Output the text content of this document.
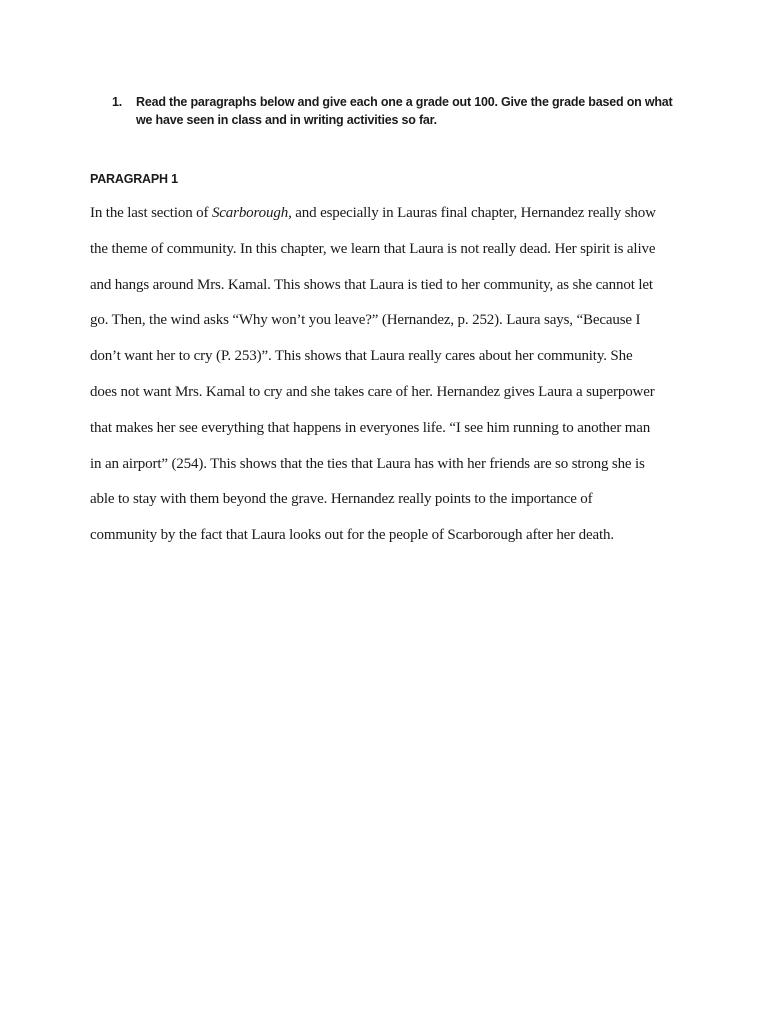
1.	Read the paragraphs below and give each one a grade out 100. Give the grade based on what
we have seen in class and in writing activities so far.
PARAGRAPH 1
In the last section of Scarborough, and especially in Lauras final chapter, Hernandez really show
the theme of community. In this chapter, we learn that Laura is not really dead. Her spirit is alive
and hangs around Mrs. Kamal. This shows that Laura is tied to her community, as she cannot let
go. Then, the wind asks “Why won’t you leave?” (Hernandez, p. 252). Laura says, “Because I
don’t want her to cry (P. 253)”. This shows that Laura really cares about her community. She
does not want Mrs. Kamal to cry and she takes care of her. Hernandez gives Laura a superpower
that makes her see everything that happens in everyones life. “I see him running to another man
in an airport” (254). This shows that the ties that Laura has with her friends are so strong she is
able to stay with them beyond the grave. Hernandez really points to the importance of
community by the fact that Laura looks out for the people of Scarborough after her death.
